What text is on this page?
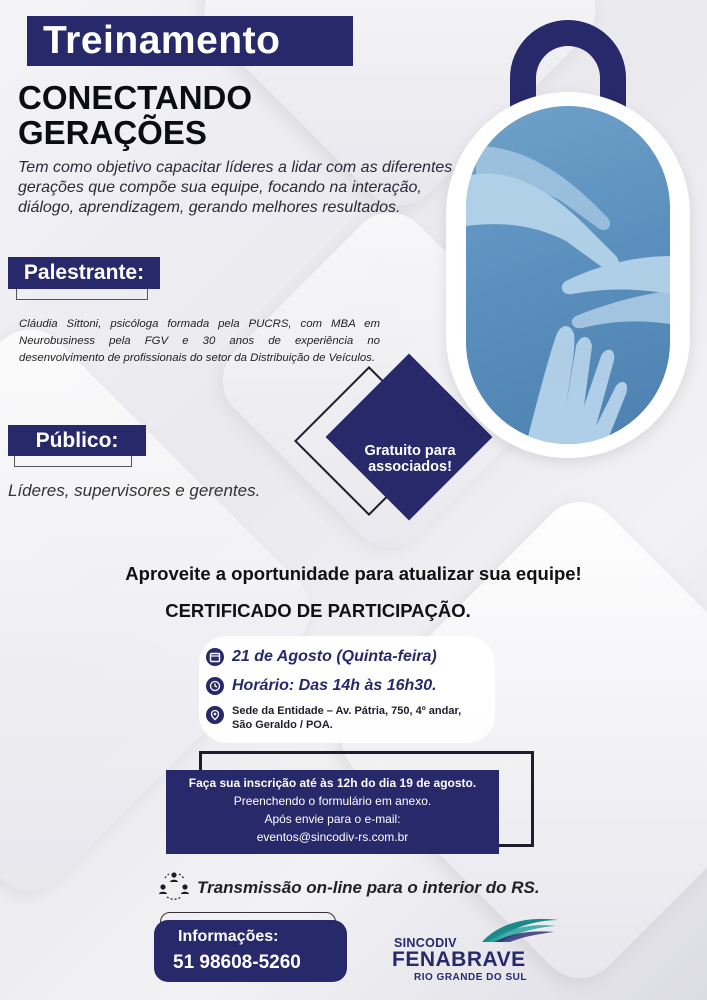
Treinamento
CONECTANDO
GERAÇÕES
Tem como objetivo capacitar líderes a lidar com as diferentes gerações que compõe sua equipe, focando na interação, diálogo, aprendizagem, gerando melhores resultados.
Palestrante:
Cláudia Sittoni, psicóloga formada pela PUCRS, com MBA em Neurobusiness pela FGV e 30 anos de experiência no desenvolvimento de profissionais do setor da Distribuição de Veículos.
Público:
Líderes, supervisores e gerentes.
Gratuito para
associados!
Aproveite a oportunidade para atualizar sua equipe!
CERTIFICADO DE PARTICIPAÇÃO.
21 de Agosto (Quinta-feira)
Horário: Das 14h às 16h30.
Sede da Entidade – Av. Pátria, 750, 4º andar,
São Geraldo / POA.
Faça sua inscrição até às 12h do dia 19 de agosto.
Preenchendo o formulário em anexo.
Após envie para o e-mail:
eventos@sincodiv-rs.com.br
Transmissão on-line para o interior do RS.
Informações:
51 98608-5260
SINCODIV
FENABRAVE
RIO GRANDE DO SUL
